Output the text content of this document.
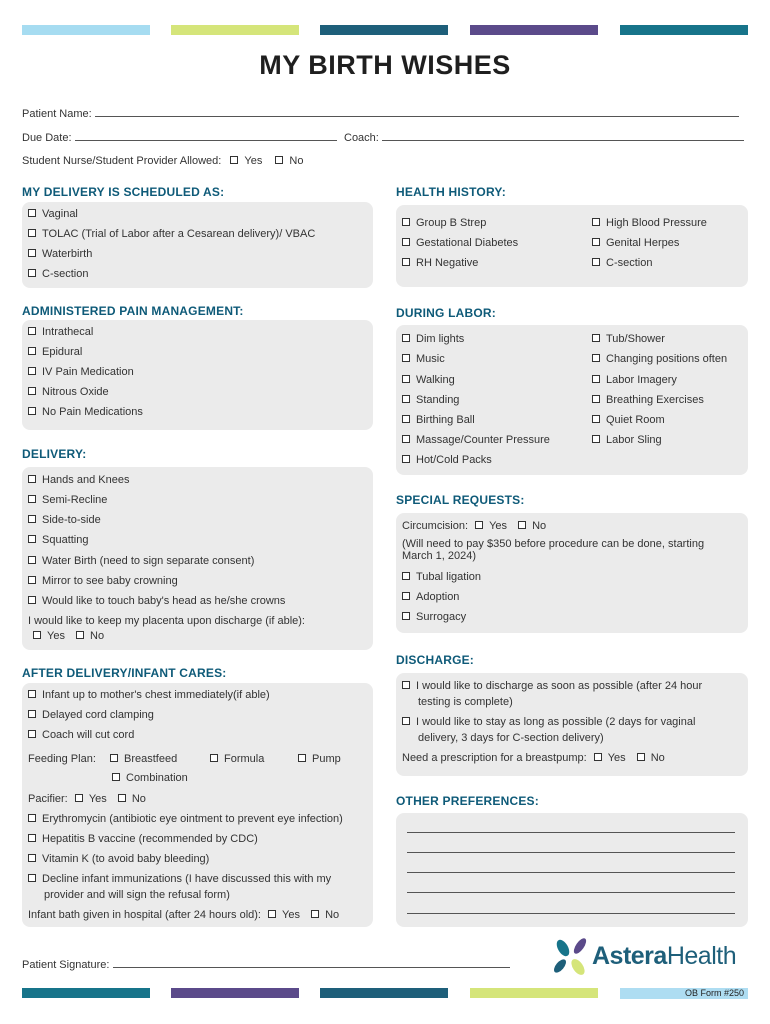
MY BIRTH WISHES
Patient Name:
Due Date:	Coach:
Student Nurse/Student Provider Allowed: Yes No
MY DELIVERY IS SCHEDULED AS:
Vaginal
TOLAC (Trial of Labor after a Cesarean delivery)/ VBAC
Waterbirth
C-section
ADMINISTERED PAIN MANAGEMENT:
Intrathecal
Epidural
IV Pain Medication
Nitrous Oxide
No Pain Medications
DELIVERY:
Hands and Knees
Semi-Recline
Side-to-side
Squatting
Water Birth (need to sign separate consent)
Mirror to see baby crowning
Would like to touch baby's head as he/she crowns
I would like to keep my placenta upon discharge (if able):
Yes No
AFTER DELIVERY/INFANT CARES:
Infant up to mother's chest immediately(if able)
Delayed cord clamping
Coach will cut cord
Feeding Plan:	Breastfeed	Formula	Pump
Combination
Pacifier: Yes No
Erythromycin (antibiotic eye ointment to prevent eye infection)
Hepatitis B vaccine (recommended by CDC)
Vitamin K (to avoid baby bleeding)
Decline infant immunizations (I have discussed this with my
provider and will sign the refusal form)
Infant bath given in hospital (after 24 hours old): Yes No
HEALTH HISTORY:
Group B Strep
Gestational Diabetes
RH Negative
High Blood Pressure
Genital Herpes
C-section
DURING LABOR:
Dim lights
Music
Walking
Standing
Birthing Ball
Massage/Counter Pressure
Hot/Cold Packs
Tub/Shower
Changing positions often
Labor Imagery
Breathing Exercises
Quiet Room
Labor Sling
SPECIAL REQUESTS:
Circumcision: Yes No
(Will need to pay $350 before procedure can be done, starting
March 1, 2024)
Tubal ligation
Adoption
Surrogacy
DISCHARGE:
I would like to discharge as soon as possible (after 24 hour
testing is complete)
I would like to stay as long as possible (2 days for vaginal
delivery, 3 days for C-section delivery)
Need a prescription for a breastpump: Yes No
OTHER PREFERENCES:
Patient Signature:	AsteraHealth
OB Form #250
